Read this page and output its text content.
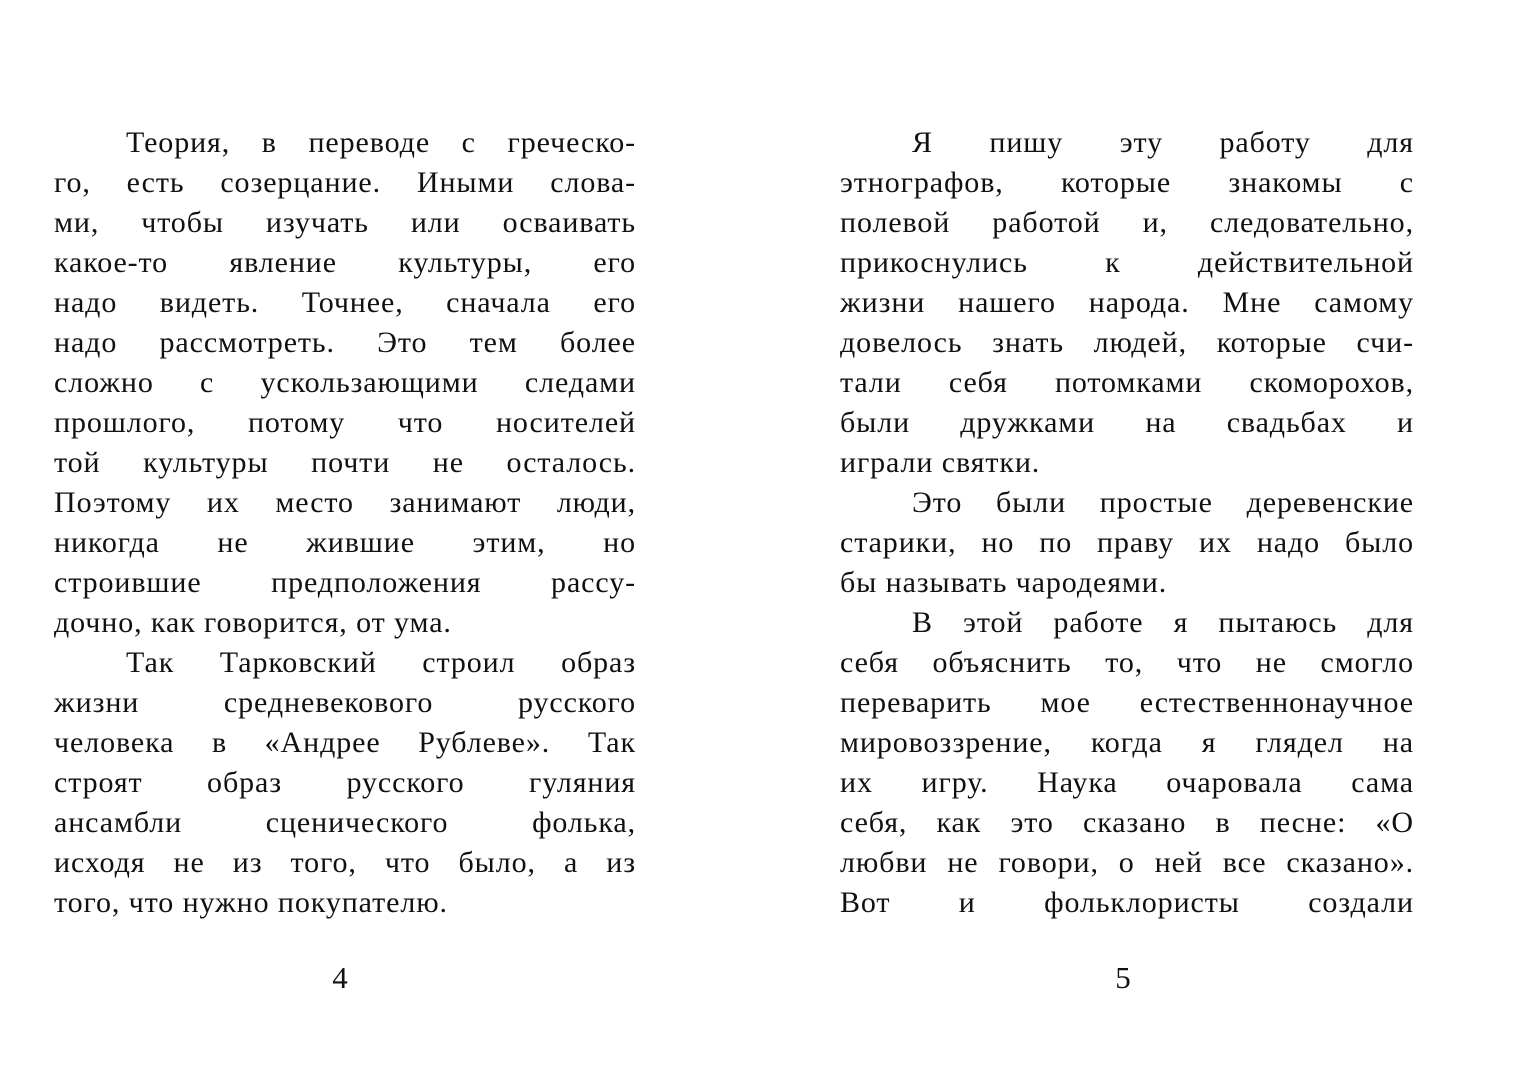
Теория, в переводе с греческо-
го, есть созерцание. Иными слова-
ми, чтобы изучать или осваивать
какое-то явление культуры, его
надо видеть. Точнее, сначала его
надо рассмотреть. Это тем более
сложно с ускользающими следами
прошлого, потому что носителей
той культуры почти не осталось.
Поэтому их место занимают люди,
никогда не жившие этим, но
строившие предположения рассу-
дочно, как говорится, от ума.
Так Тарковский строил образ
жизни средневекового русского
человека в «Андрее Рублеве». Так
строят образ русского гуляния
ансамбли сценического фолька,
исходя не из того, что было, а из
того, что нужно покупателю.
Я пишу эту работу для
этнографов, которые знакомы с
полевой работой и, следовательно,
прикоснулись к действительной
жизни нашего народа. Мне самому
довелось знать людей, которые счи-
тали себя потомками скоморохов,
были дружками на свадьбах и
играли святки.
Это были простые деревенские
старики, но по праву их надо было
бы называть чародеями.
В этой работе я пытаюсь для
себя объяснить то, что не смогло
переварить мое естественнонаучное
мировоззрение, когда я глядел на
их игру. Наука очаровала сама
себя, как это сказано в песне: «О
любви не говори, о ней все сказано».
Вот и фольклористы создали
4	5
